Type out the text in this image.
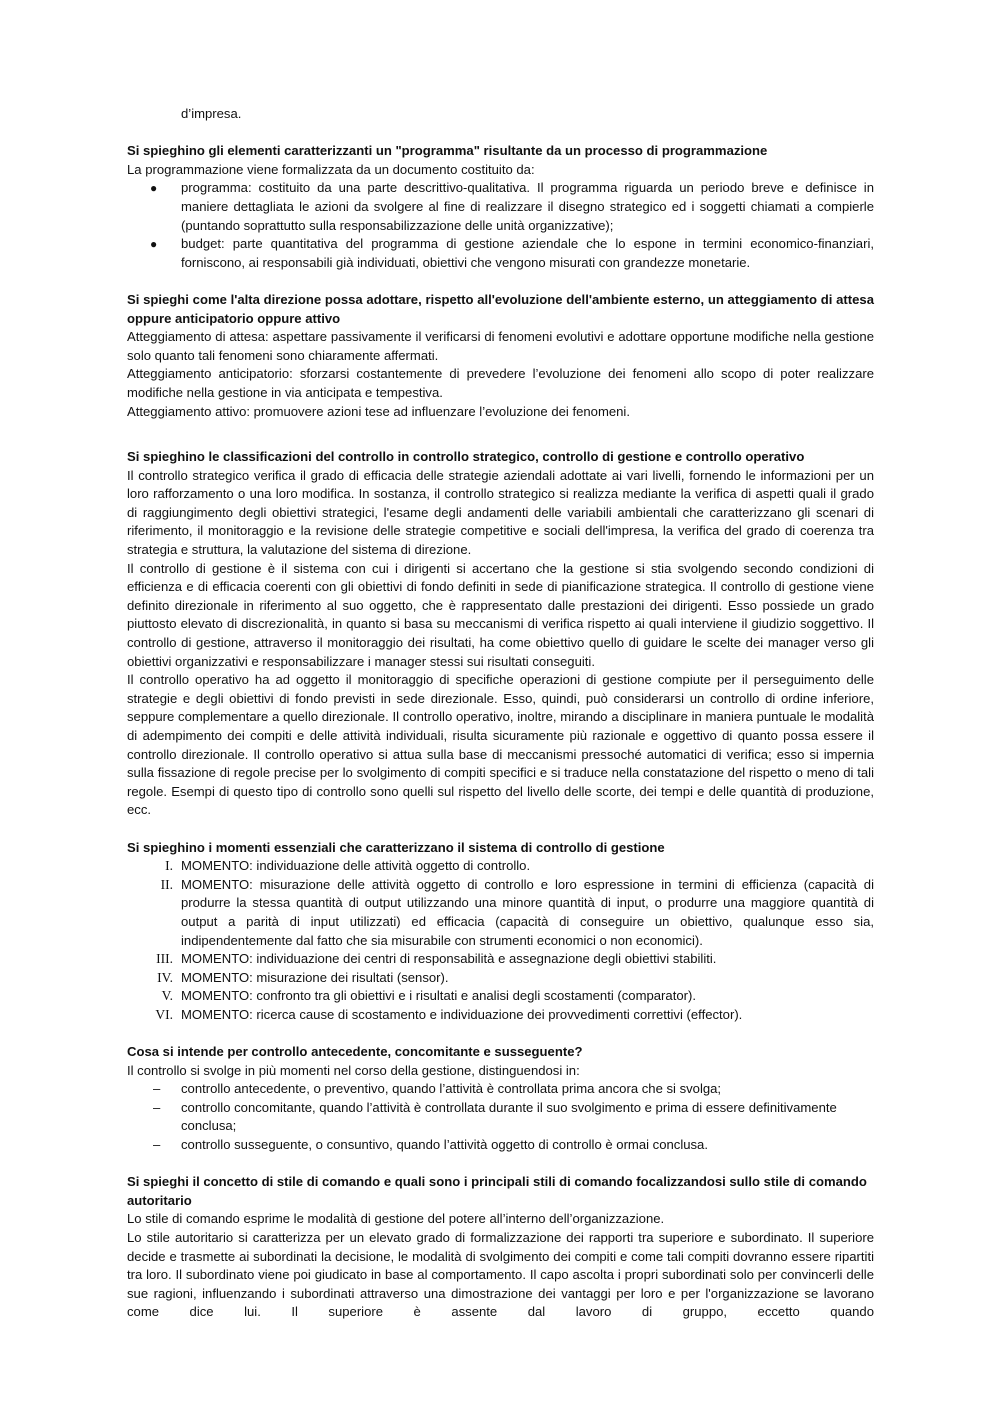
d’impresa.

Si spieghino gli elementi caratterizzanti un "programma" risultante da un processo di programmazione

La programmazione viene formalizzata da un documento costituito da:

● programma: costituito da una parte descrittivo-qualitativa. Il programma riguarda un periodo breve e definisce in maniere dettagliata le azioni da svolgere al fine di realizzare il disegno strategico ed i soggetti chiamati a compierle (puntando soprattutto sulla responsabilizzazione delle unità organizzative);
● budget: parte quantitativa del programma di gestione aziendale che lo espone in termini economico-finanziari, forniscono, ai responsabili già individuati, obiettivi che vengono misurati con grandezze monetarie.

Si spieghi come l'alta direzione possa adottare, rispetto all'evoluzione dell'ambiente esterno, un atteggiamento di attesa oppure anticipatorio oppure attivo

Atteggiamento di attesa: aspettare passivamente il verificarsi di fenomeni evolutivi e adottare opportune modifiche nella gestione solo quanto tali fenomeni sono chiaramente affermati.

Atteggiamento anticipatorio: sforzarsi costantemente di prevedere l’evoluzione dei fenomeni allo scopo di poter realizzare modifiche nella gestione in via anticipata e tempestiva.

Atteggiamento attivo: promuovere azioni tese ad influenzare l’evoluzione dei fenomeni.

Si spieghino le classificazioni del controllo in controllo strategico, controllo di gestione e controllo operativo

Il controllo strategico verifica il grado di efficacia delle strategie aziendali adottate ai vari livelli, fornendo le informazioni per un loro rafforzamento o una loro modifica. In sostanza, il controllo strategico si realizza mediante la verifica di aspetti quali il grado di raggiungimento degli obiettivi strategici, l'esame degli andamenti delle variabili ambientali che caratterizzano gli scenari di riferimento, il monitoraggio e la revisione delle strategie competitive e sociali dell'impresa, la verifica del grado di coerenza tra strategia e struttura, la valutazione del sistema di direzione.

Il controllo di gestione è il sistema con cui i dirigenti si accertano che la gestione si stia svolgendo secondo condizioni di efficienza e di efficacia coerenti con gli obiettivi di fondo definiti in sede di pianificazione strategica. Il controllo di gestione viene definito direzionale in riferimento al suo oggetto, che è rappresentato dalle prestazioni dei dirigenti. Esso possiede un grado piuttosto elevato di discrezionalità, in quanto si basa su meccanismi di verifica rispetto ai quali interviene il giudizio soggettivo. Il controllo di gestione, attraverso il monitoraggio dei risultati, ha come obiettivo quello di guidare le scelte dei manager verso gli obiettivi organizzativi e responsabilizzare i manager stessi sui risultati conseguiti.

Il controllo operativo ha ad oggetto il monitoraggio di specifiche operazioni di gestione compiute per il perseguimento delle strategie e degli obiettivi di fondo previsti in sede direzionale. Esso, quindi, può considerarsi un controllo di ordine inferiore, seppure complementare a quello direzionale. Il controllo operativo, inoltre, mirando a disciplinare in maniera puntuale le modalità di adempimento dei compiti e delle attività individuali, risulta sicuramente più razionale e oggettivo di quanto possa essere il controllo direzionale. Il controllo operativo si attua sulla base di meccanismi pressoché automatici di verifica; esso si impernia sulla fissazione di regole precise per lo svolgimento di compiti specifici e si traduce nella constatazione del rispetto o meno di tali regole. Esempi di questo tipo di controllo sono quelli sul rispetto del livello delle scorte, dei tempi e delle quantità di produzione, ecc.

Si spieghino i momenti essenziali che caratterizzano il sistema di controllo di gestione

I. MOMENTO: individuazione delle attività oggetto di controllo.
II. MOMENTO: misurazione delle attività oggetto di controllo e loro espressione in termini di efficienza (capacità di produrre la stessa quantità di output utilizzando una minore quantità di input, o produrre una maggiore quantità di output a parità di input utilizzati) ed efficacia (capacità di conseguire un obiettivo, qualunque esso sia, indipendentemente dal fatto che sia misurabile con strumenti economici o non economici).
III. MOMENTO: individuazione dei centri di responsabilità e assegnazione degli obiettivi stabiliti.
IV. MOMENTO: misurazione dei risultati (sensor).
V. MOMENTO: confronto tra gli obiettivi e i risultati e analisi degli scostamenti (comparator).
VI. MOMENTO: ricerca cause di scostamento e individuazione dei provvedimenti correttivi (effector).

Cosa si intende per controllo antecedente, concomitante e susseguente?

Il controllo si svolge in più momenti nel corso della gestione, distinguendosi in:

– controllo antecedente, o preventivo, quando l’attività è controllata prima ancora che si svolga;
– controllo concomitante, quando l’attività è controllata durante il suo svolgimento e prima di essere definitivamente conclusa;
– controllo susseguente, o consuntivo, quando l’attività oggetto di controllo è ormai conclusa.

Si spieghi il concetto di stile di comando e quali sono i principali stili di comando focalizzandosi sullo stile di comando autoritario

Lo stile di comando esprime le modalità di gestione del potere all’interno dell’organizzazione.

Lo stile autoritario si caratterizza per un elevato grado di formalizzazione dei rapporti tra superiore e subordinato. Il superiore decide e trasmette ai subordinati la decisione, le modalità di svolgimento dei compiti e come tali compiti dovranno essere ripartiti tra loro. Il subordinato viene poi giudicato in base al comportamento. Il capo ascolta i propri subordinati solo per convincerli delle sue ragioni, influenzando i subordinati attraverso una dimostrazione dei vantaggi per loro e per l'organizzazione se lavorano come dice lui. Il superiore è assente dal lavoro di gruppo, eccetto quando
